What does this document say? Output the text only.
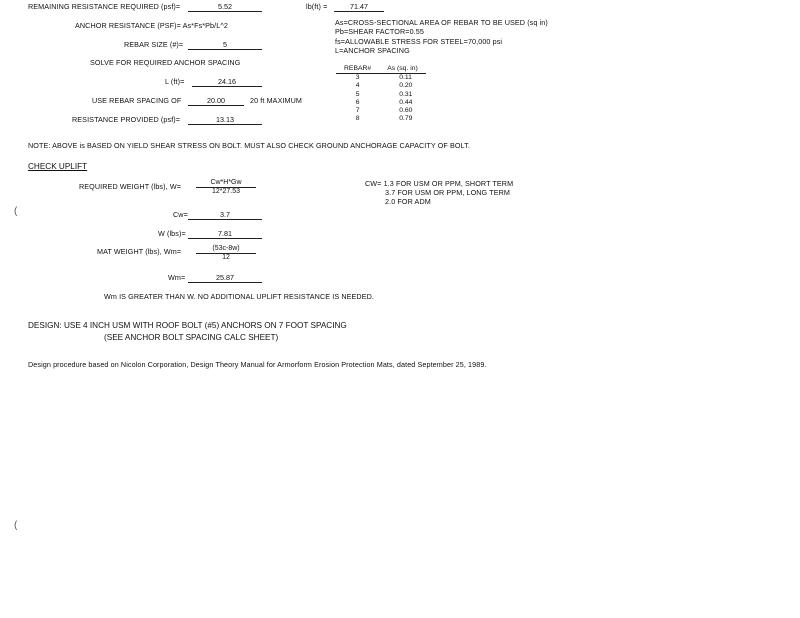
REMAINING RESISTANCE REQUIRED (psf)=	5.52	lb(ft) =	71.47
ANCHOR RESISTANCE (PSF)= As*Fs*Pb/L^2
REBAR SIZE (#)=	5
SOLVE FOR REQUIRED ANCHOR SPACING
L (ft)=	24.16
USE REBAR SPACING OF	20.00	20 ft MAXIMUM
RESISTANCE PROVIDED (psf)=	13.13
As=CROSS-SECTIONAL AREA OF REBAR TO BE USED (sq in)
Pb=SHEAR FACTOR=0.55
fs=ALLOWABLE STRESS FOR STEEL=70,000 psi
L=ANCHOR SPACING
REBAR#	As (sq. in)
3	0.11
4	0.20
5	0.31
6	0.44
7	0.60
8	0.79
NOTE: ABOVE is BASED ON YIELD SHEAR STRESS ON BOLT. MUST ALSO CHECK GROUND ANCHORAGE CAPACITY OF BOLT.
CHECK UPLIFT
REQUIRED WEIGHT (lbs), $W= \frac{Cw*H*Gw}{12*27.53}$
Cw=	3.7
W (lbs)=	7.81
MAT WEIGHT (lbs), $Wm= \frac{(53c-8w)}{12}$
Wm=	25.87
CW= 1.3 FOR USM OR PPM, SHORT TERM
3.7 FOR USM OR PPM, LONG TERM
2.0 FOR ADM
Wm IS GREATER THAN W. NO ADDITIONAL UPLIFT RESISTANCE IS NEEDED.
DESIGN: USE 4 INCH USM WITH ROOF BOLT (#5) ANCHORS ON 7 FOOT SPACING
(SEE ANCHOR BOLT SPACING CALC SHEET)
Design procedure based on Nicolon Corporation, Design Theory Manual for Armorform Erosion Protection Mats, dated September 25, 1989.
(
(
